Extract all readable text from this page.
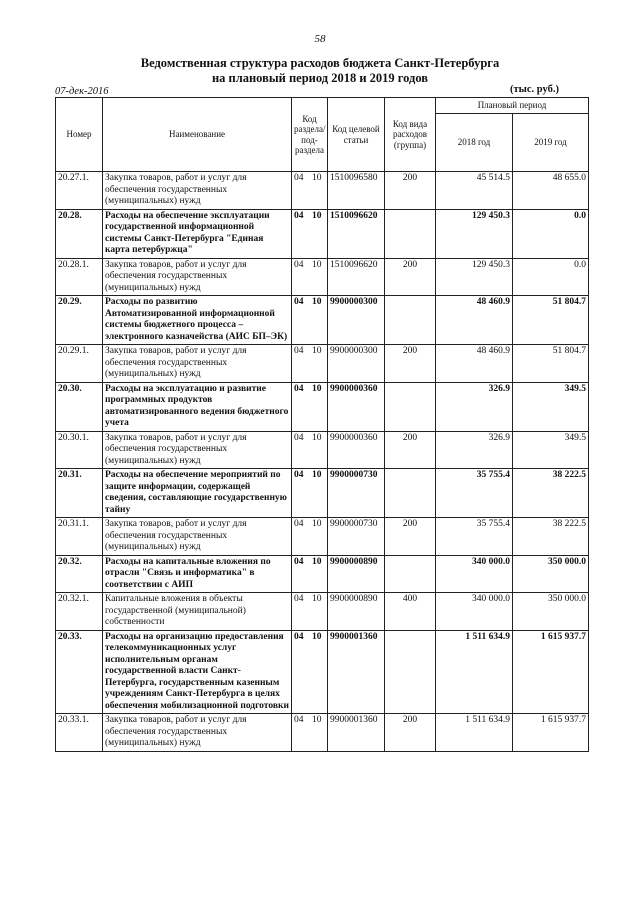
58
Ведомственная структура расходов бюджета Санкт-Петербурга
на плановый период 2018 и 2019 годов
07-дек-2016	(тыс. руб.)
Номер	Наименование	Код раздела/ под-раздела	Код целевой статьи	Код вида расходов (группа)	Плановый период	
					2018 год	2019 год
20.27.1.	Закупка товаров, работ и услуг для обеспечения государственных (муниципальных) нужд	04 10	1510096580	200	45 514.5	48 655.0
20.28.	Расходы на обеспечение эксплуатации государственной информационной системы Санкт-Петербурга "Единая карта петербуржца"	04 10	1510096620		129 450.3	0.0
20.28.1.	Закупка товаров, работ и услуг для обеспечения государственных (муниципальных) нужд	04 10	1510096620	200	129 450.3	0.0
20.29.	Расходы по развитию Автоматизированной информационной системы бюджетного процесса – электронного казначейства (АИС БП–ЭК)	04 10	9900000300		48 460.9	51 804.7
20.29.1.	Закупка товаров, работ и услуг для обеспечения государственных (муниципальных) нужд	04 10	9900000300	200	48 460.9	51 804.7
20.30.	Расходы на эксплуатацию и развитие программных продуктов автоматизированного ведения бюджетного учета	04 10	9900000360		326.9	349.5
20.30.1.	Закупка товаров, работ и услуг для обеспечения государственных (муниципальных) нужд	04 10	9900000360	200	326.9	349.5
20.31.	Расходы на обеспечение мероприятий по защите информации, содержащей сведения, составляющие государственную тайну	04 10	9900000730		35 755.4	38 222.5
20.31.1.	Закупка товаров, работ и услуг для обеспечения государственных (муниципальных) нужд	04 10	9900000730	200	35 755.4	38 222.5
20.32.	Расходы на капитальные вложения по отрасли "Связь и информатика" в соответствии с АИП	04 10	9900000890		340 000.0	350 000.0
20.32.1.	Капитальные вложения в объекты государственной (муниципальной) собственности	04 10	9900000890	400	340 000.0	350 000.0
20.33.	Расходы на организацию предоставления телекоммуникационных услуг исполнительным органам государственной власти Санкт-Петербурга, государственным казенным учреждениям Санкт-Петербурга в целях обеспечения мобилизационной подготовки	04 10	9900001360		1 511 634.9	1 615 937.7
20.33.1.	Закупка товаров, работ и услуг для обеспечения государственных (муниципальных) нужд	04 10	9900001360	200	1 511 634.9	1 615 937.7
